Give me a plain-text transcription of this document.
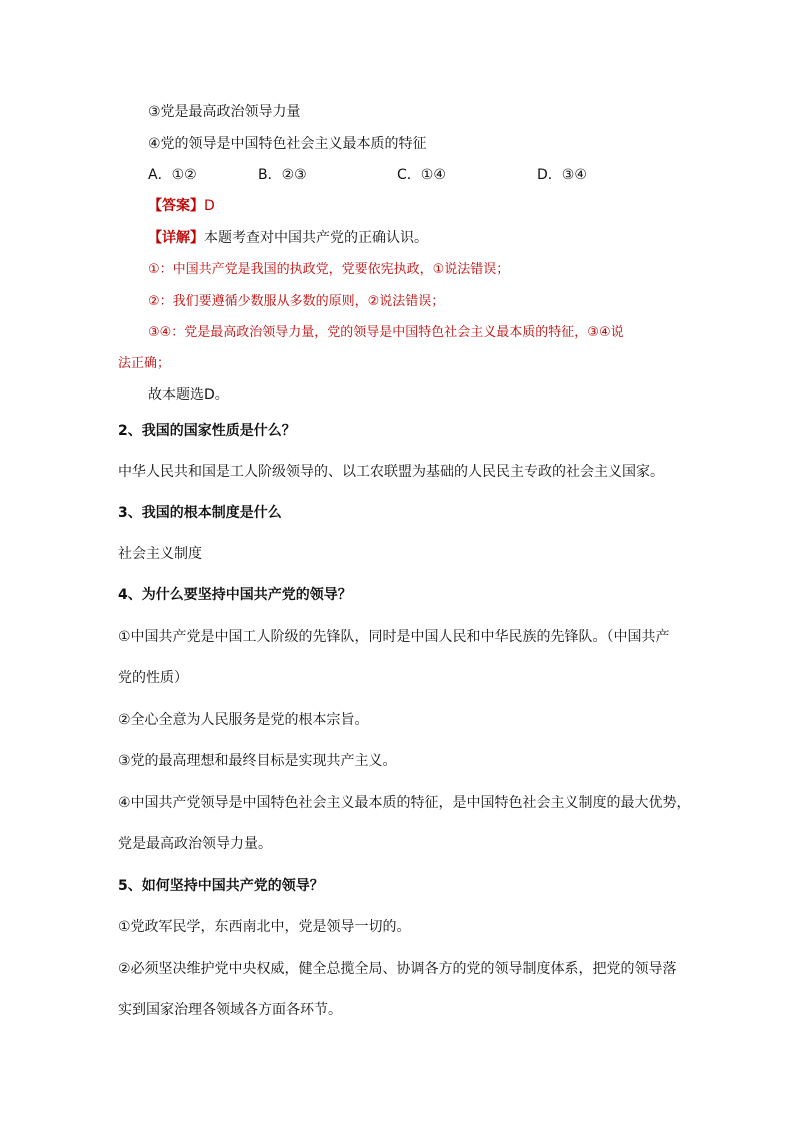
③党是最高政治领导力量
④党的领导是中国特色社会主义最本质的特征
A．①②	B．②③	C．①④	D．③④
【答案】D
【详解】本题考查对中国共产党的正确认识。
①：中国共产党是我国的执政党，党要依宪执政，①说法错误；
②：我们要遵循少数服从多数的原则，②说法错误；
③④：党是最高政治领导力量，党的领导是中国特色社会主义最本质的特征，③④说
法正确；
故本题选D。
2、我国的国家性质是什么？
中华人民共和国是工人阶级领导的、以工农联盟为基础的人民民主专政的社会主义国家。
3、我国的根本制度是什么
社会主义制度
4、为什么要坚持中国共产党的领导？
①中国共产党是中国工人阶级的先锋队，同时是中国人民和中华民族的先锋队。（中国共产
党的性质）
②全心全意为人民服务是党的根本宗旨。
③党的最高理想和最终目标是实现共产主义。
④中国共产党领导是中国特色社会主义最本质的特征，是中国特色社会主义制度的最大优势，
党是最高政治领导力量。
5、如何坚持中国共产党的领导？
①党政军民学，东西南北中，党是领导一切的。
②必须坚决维护党中央权威，健全总揽全局、协调各方的党的领导制度体系，把党的领导落
实到国家治理各领域各方面各环节。
